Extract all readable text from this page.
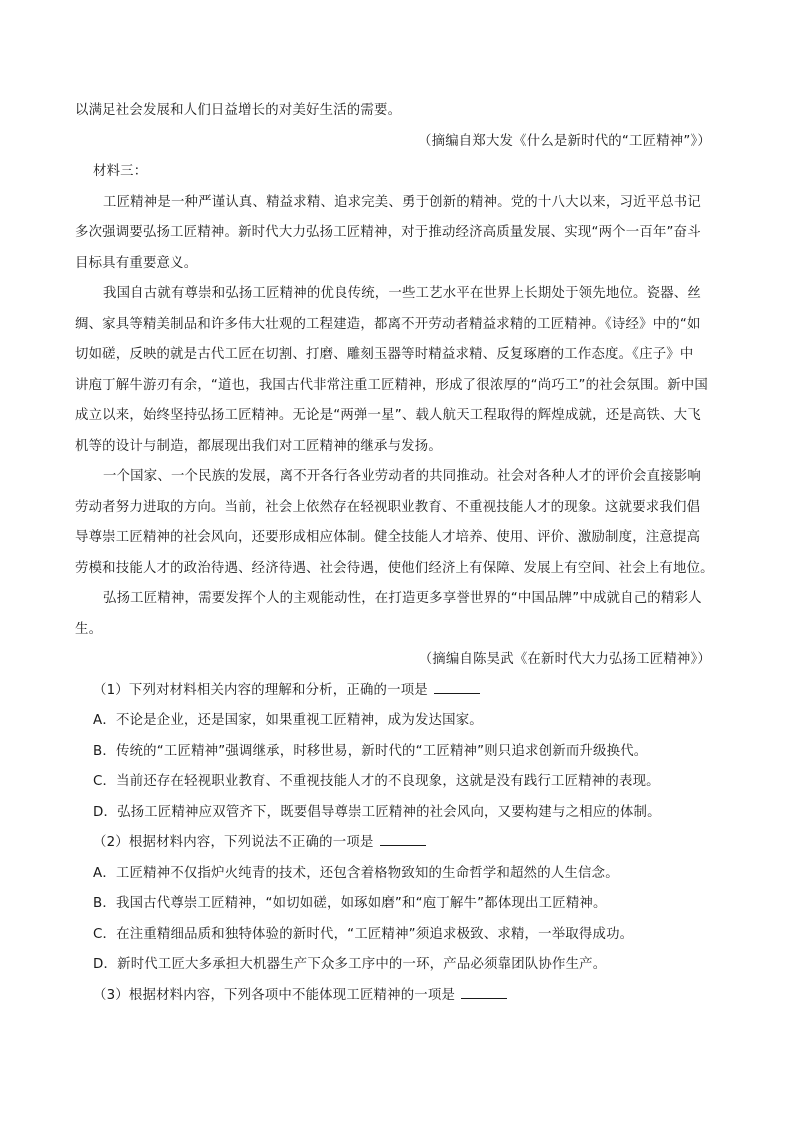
以满足社会发展和人们日益增长的对美好生活的需要。
（摘编自郑大发《什么是新时代的“工匠精神”》）
材料三：
工匠精神是一种严谨认真、精益求精、追求完美、勇于创新的精神。党的十八大以来，习近平总书记
多次强调要弘扬工匠精神。新时代大力弘扬工匠精神，对于推动经济高质量发展、实现“两个一百年”奋斗
目标具有重要意义。
我国自古就有尊崇和弘扬工匠精神的优良传统，一些工艺水平在世界上长期处于领先地位。瓷器、丝
绸、家具等精美制品和许多伟大壮观的工程建造，都离不开劳动者精益求精的工匠精神。《诗经》中的“如
切如磋，反映的就是古代工匠在切割、打磨、雕刻玉器等时精益求精、反复琢磨的工作态度。《庄子》中
讲庖丁解牛游刃有余，“道也，我国古代非常注重工匠精神，形成了很浓厚的“尚巧工”的社会氛围。新中国
成立以来，始终坚持弘扬工匠精神。无论是“两弹一星”、载人航天工程取得的辉煌成就，还是高铁、大飞
机等的设计与制造，都展现出我们对工匠精神的继承与发扬。
一个国家、一个民族的发展，离不开各行各业劳动者的共同推动。社会对各种人才的评价会直接影响
劳动者努力进取的方向。当前，社会上依然存在轻视职业教育、不重视技能人才的现象。这就要求我们倡
导尊崇工匠精神的社会风向，还要形成相应体制。健全技能人才培养、使用、评价、激励制度，注意提高
劳模和技能人才的政治待遇、经济待遇、社会待遇，使他们经济上有保障、发展上有空间、社会上有地位。
弘扬工匠精神，需要发挥个人的主观能动性，在打造更多享誉世界的“中国品牌”中成就自己的精彩人
生。
（摘编自陈昊武《在新时代大力弘扬工匠精神》）
（1）下列对材料相关内容的理解和分析，正确的一项是
A．不论是企业，还是国家，如果重视工匠精神，成为发达国家。
B．传统的“工匠精神”强调继承，时移世易，新时代的“工匠精神”则只追求创新而升级换代。
C．当前还存在轻视职业教育、不重视技能人才的不良现象，这就是没有践行工匠精神的表现。
D．弘扬工匠精神应双管齐下，既要倡导尊崇工匠精神的社会风向，又要构建与之相应的体制。
（2）根据材料内容，下列说法不正确的一项是
A．工匠精神不仅指炉火纯青的技术，还包含着格物致知的生命哲学和超然的人生信念。
B．我国古代尊崇工匠精神，“如切如磋，如琢如磨”和“庖丁解牛”都体现出工匠精神。
C．在注重精细品质和独特体验的新时代，“工匠精神”须追求极致、求精，一举取得成功。
D．新时代工匠大多承担大机器生产下众多工序中的一环，产品必须靠团队协作生产。
（3）根据材料内容，下列各项中不能体现工匠精神的一项是
